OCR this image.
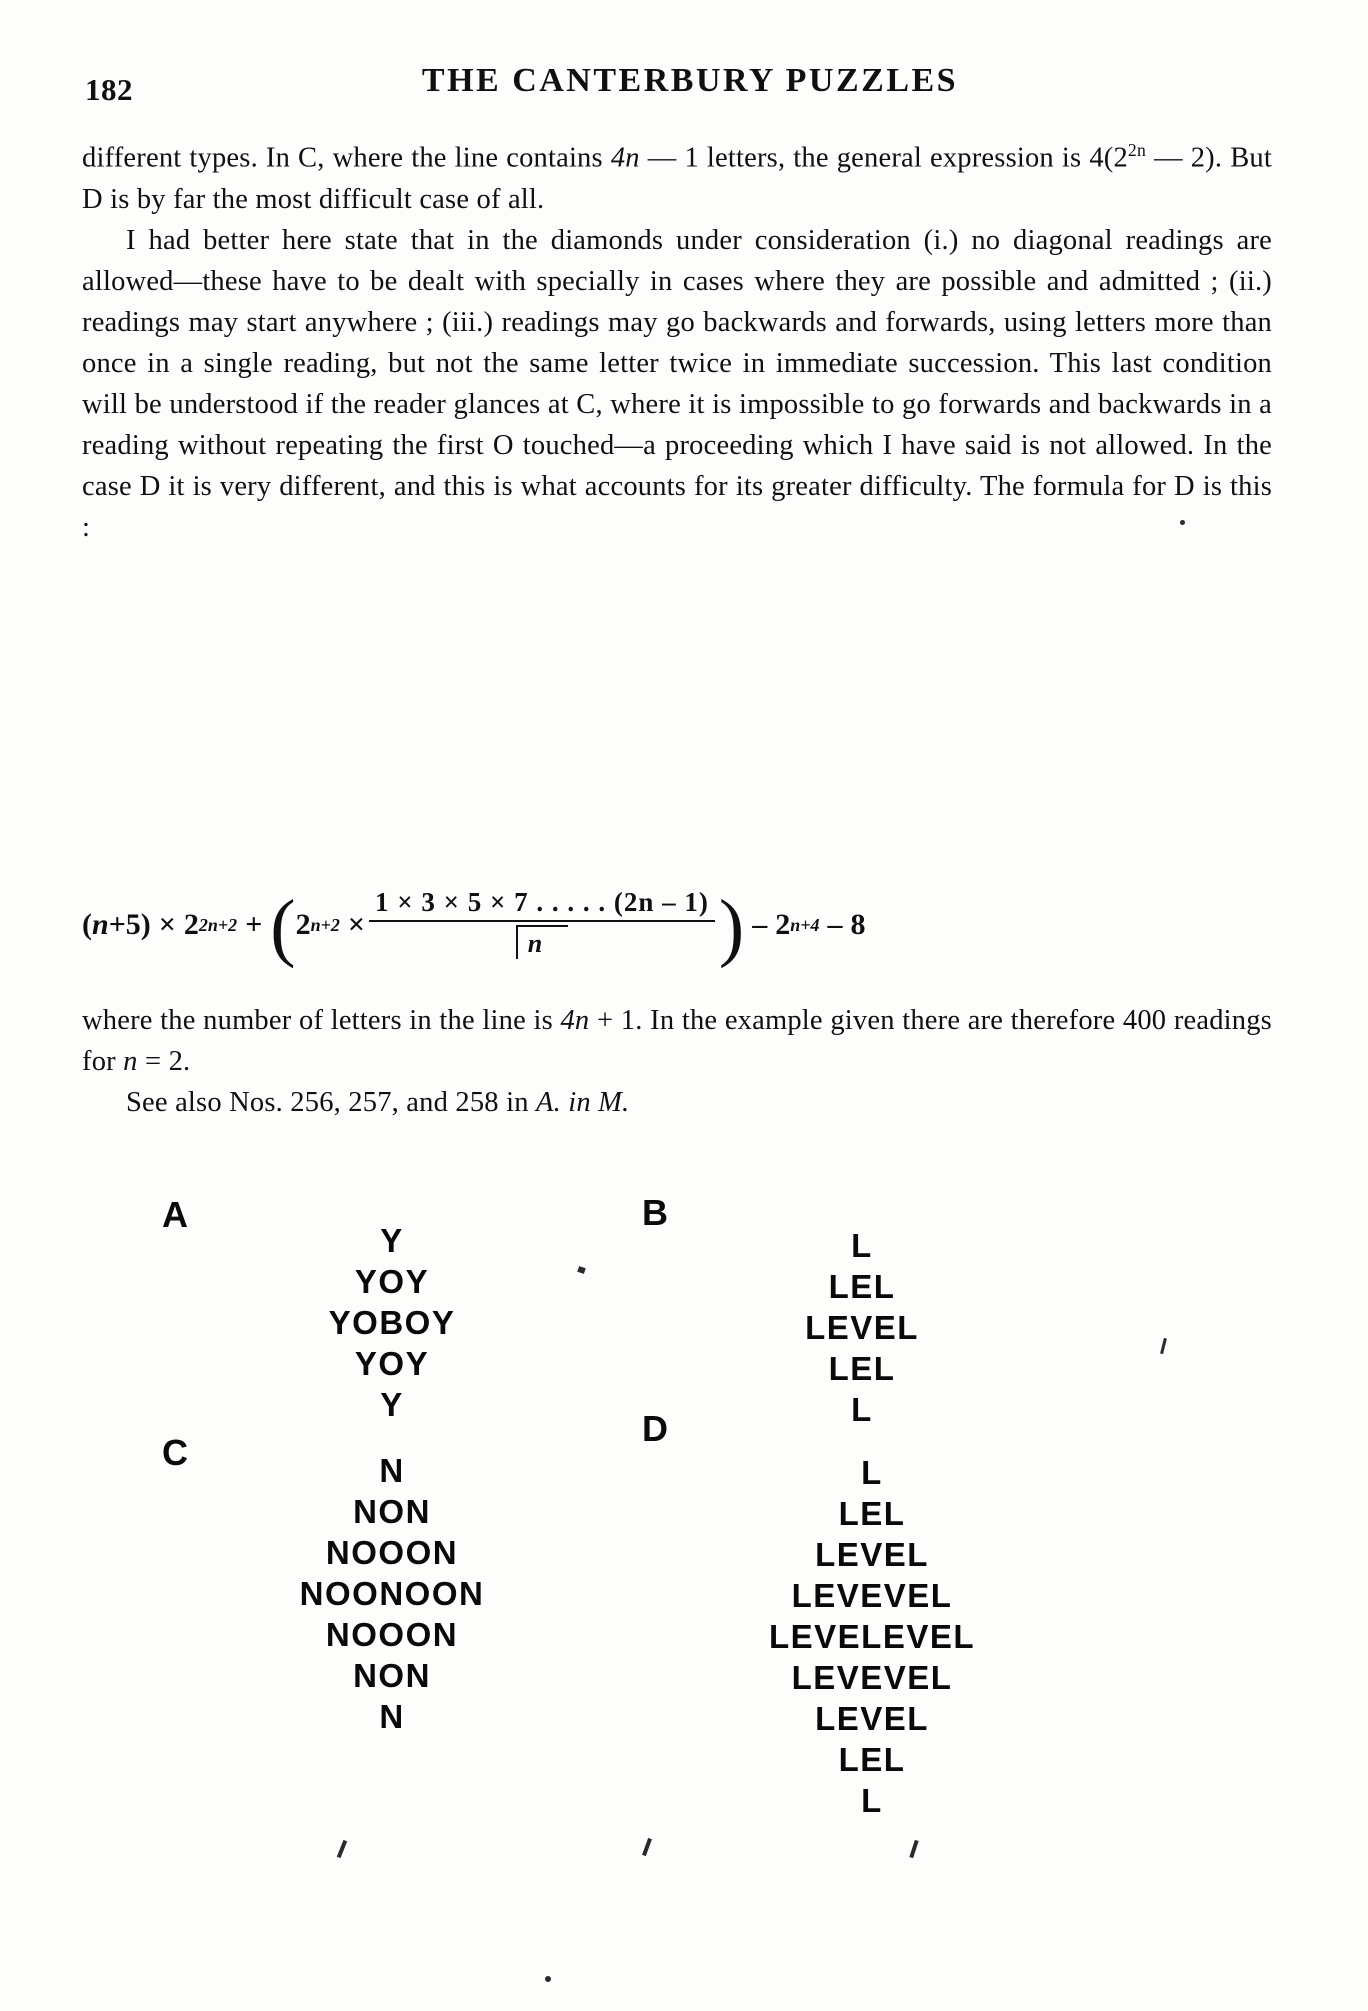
182	THE CANTERBURY PUZZLES

different types. In C, where the line contains 4n — 1 letters, the general expression is $4(2^{2n}$ — 2). But D is by far the most difficult case of all.

I had better here state that in the diamonds under consideration (i.) no diagonal readings are allowed—these have to be dealt with specially in cases where they are possible and admitted ; (ii.) readings may start anywhere ; (iii.) readings may go backwards and forwards, using letters more than once in a single reading, but not the same letter twice in immediate succession. This last condition will be understood if the reader glances at C, where it is impossible to go forwards and backwards in a reading without repeating the first O touched—a proceeding which I have said is not allowed. In the case D it is very different, and this is what accounts for its greater difficulty. The formula for D is this :

( n + 5 ) × 2 2n+2 + ( 2 $n+2 \times \frac{1 \times 3 \times 5 \times 7 . . . . . (2n - 1)}{n}$ ) – 2 n+4 – 8

where the number of letters in the line is 4n + 1. In the example given there are therefore 400 readings for n = 2.

See also Nos. 256, 257, and 258 in A. in M.

A
Y
YOY
YOBOY
YOY
Y
B
L
LEL
LEVEL
LEL
L
C	N
NON
NOOON
NOONOON
NOOON
NON
N
D
L
LEL
LEVEL
LEVEVEL
LEVELEVEL
LEVEVEL
LEVEL
LEL
L
